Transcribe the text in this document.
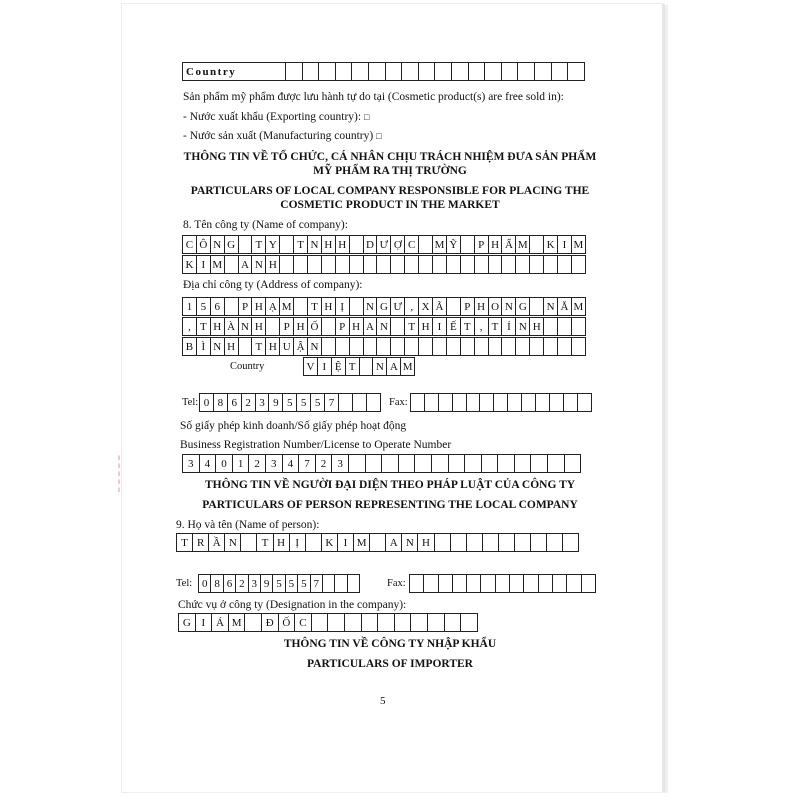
ǁ
ǁ
ǁ
ǁ
ǁ
Country
Sản phẩm mỹ phẩm được lưu hành tự do tại (Cosmetic product(s) are free sold in):
- Nước xuất khẩu (Exporting country): □
- Nước sản xuất (Manufacturing country) □
THÔNG TIN VỀ TỔ CHỨC, CÁ NHÂN CHỊU TRÁCH NHIỆM ĐƯA SẢN PHẨM
MỸ PHẨM RA THỊ TRƯỜNG
PARTICULARS OF LOCAL COMPANY RESPONSIBLE FOR PLACING THE
COSMETIC PRODUCT IN THE MARKET
8. Tên công ty (Name of company):
C Ô N G	T Y	T N H H	D Ư Ợ C	M Ỹ	P H Ẩ M	K I M
K I M	A N H
Địa chỉ công ty (Address of company):
1 5 6	P H Ạ M	T H Ị	N G Ư , X Ã	P H O N G	N Ă M
, T H À N H	P H Ố	P H A N	T H I Ế T , T Ỉ N H
B Ì N H	T H U Ậ N
Country	V I Ệ T	N A M
Tel: 0 8 6 2 3 9 5 5 5 7	Fax:
Số giấy phép kinh doanh/Số giấy phép hoạt động
Business Registration Number/License to Operate Number
3	4	0	1	2	3	4	7	2	3
THÔNG TIN VỀ NGƯỜI ĐẠI DIỆN THEO PHÁP LUẬT CỦA CÔNG TY
PARTICULARS OF PERSON REPRESENTING THE LOCAL COMPANY
9. Họ và tên (Name of person):
T R Ầ N	T H Ị	K I M	A N H
Tel: 0 8 6 2 3 9 5 5 5 7	Fax:
Chức vụ ở công ty (Designation in the company):
G I Á M	Đ Ố C
THÔNG TIN VỀ CÔNG TY NHẬP KHẨU
PARTICULARS OF IMPORTER
5
